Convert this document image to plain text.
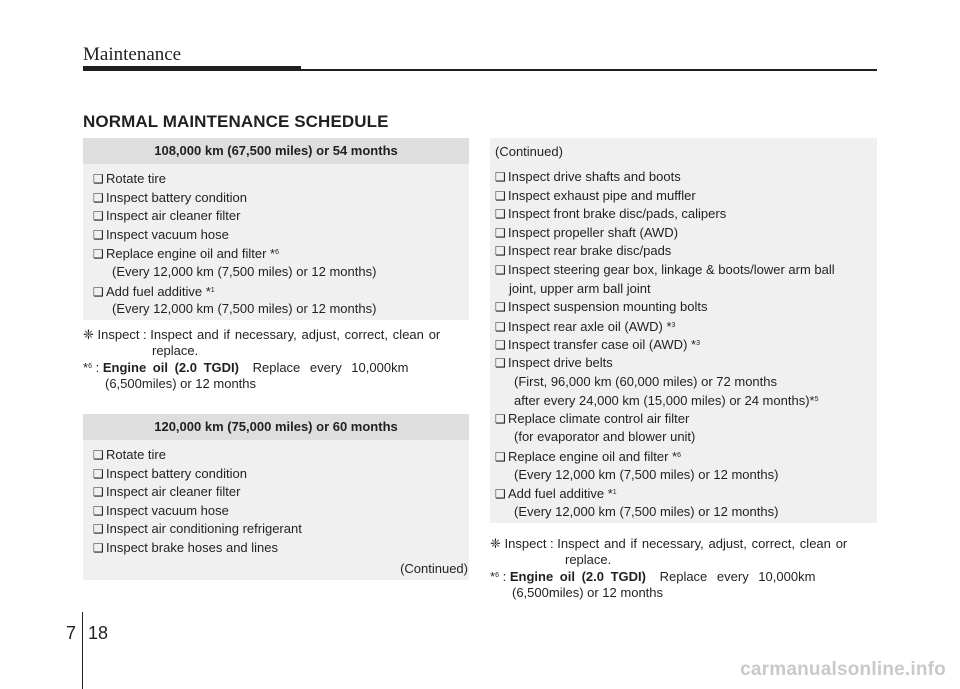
Maintenance
NORMAL MAINTENANCE SCHEDULE
108,000 km (67,500 miles) or 54 months
❑ Rotate tire
❑ Inspect battery condition
❑ Inspect air cleaner filter
❑ Inspect vacuum hose
❑ Replace engine oil and filter *$^6$
(Every 12,000 km (7,500 miles) or 12 months)
❑ Add fuel additive *$^1$
(Every 12,000 km (7,500 miles) or 12 months)
❈ Inspect : Inspect and if necessary, adjust, correct, clean or
replace.
*$^6$ : Engine oil (2.0 TGDI) Replace every 10,000km
(6,500miles) or 12 months
120,000 km (75,000 miles) or 60 months
❑ Rotate tire
❑ Inspect battery condition
❑ Inspect air cleaner filter
❑ Inspect vacuum hose
❑ Inspect air conditioning refrigerant
❑ Inspect brake hoses and lines
(Continued)
(Continued)
❑ Inspect drive shafts and boots
❑ Inspect exhaust pipe and muffler
❑ Inspect front brake disc/pads, calipers
❑ Inspect propeller shaft (AWD)
❑ Inspect rear brake disc/pads
❑ Inspect steering gear box, linkage & boots/lower arm ball
joint, upper arm ball joint
❑ Inspect suspension mounting bolts
❑ Inspect rear axle oil (AWD) *$^3$
❑ Inspect transfer case oil (AWD) *$^3$
❑ Inspect drive belts
(First, 96,000 km (60,000 miles) or 72 months
after every 24,000 km (15,000 miles) or 24 months)*$^5$
❑ Replace climate control air filter
(for evaporator and blower unit)
❑ Replace engine oil and filter *$^6$
(Every 12,000 km (7,500 miles) or 12 months)
❑ Add fuel additive *$^1$
(Every 12,000 km (7,500 miles) or 12 months)
❈ Inspect : Inspect and if necessary, adjust, correct, clean or
replace.
*$^6$ : Engine oil (2.0 TGDI) Replace every 10,000km
(6,500miles) or 12 months
7 18
carmanualsonline.info
